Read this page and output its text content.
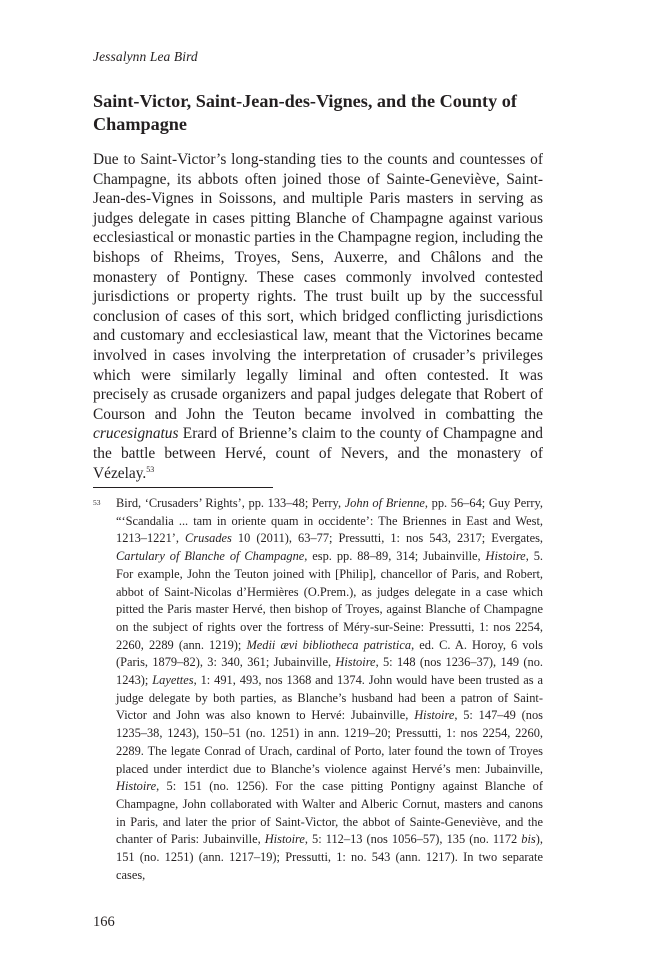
Jessalynn Lea Bird
Saint-Victor, Saint-Jean-des-Vignes, and the County of Champagne

Due to Saint-Victor’s long-standing ties to the counts and countesses of Champagne, its abbots often joined those of Sainte-Geneviève, Saint-Jean-des-Vignes in Soissons, and multiple Paris masters in serving as judges delegate in cases pitting Blanche of Champagne against various ecclesiastical or monastic parties in the Champagne region, including the bishops of Rheims, Troyes, Sens, Auxerre, and Châlons and the monastery of Pontigny. These cases commonly involved contested jurisdictions or property rights. The trust built up by the successful conclusion of cases of this sort, which bridged conflicting jurisdictions and customary and ecclesiastical law, meant that the Victorines became involved in cases involving the interpretation of crusader’s privileges which were similarly legally liminal and often contested. It was precisely as crusade organizers and papal judges delegate that Robert of Courson and John the Teuton became involved in combatting the crucesignatus Erard of Brienne’s claim to the county of Champagne and the battle between Hervé, count of Nevers, and the monastery of Vézelay.$^{53}$

53 Bird, ‘Crusaders’ Rights’, pp. 133–48; Perry, John of Brienne, pp. 56–64; Guy Perry, “‘Scandalia ... tam in oriente quam in occidente’: The Briennes in East and West, 1213–1221’, Crusades 10 (2011), 63–77; Pressutti, 1: nos 543, 2317; Evergates, Cartulary of Blanche of Champagne, esp. pp. 88–89, 314; Jubainville, Histoire, 5. For example, John the Teuton joined with [Philip], chancellor of Paris, and Robert, abbot of Saint-Nicolas d’Hermières (O.Prem.), as judges delegate in a case which pitted the Paris master Hervé, then bishop of Troyes, against Blanche of Champagne on the subject of rights over the fortress of Méry-sur-Seine: Pressutti, 1: nos 2254, 2260, 2289 (ann. 1219); Medii ævi bibliotheca patristica, ed. C. A. Horoy, 6 vols (Paris, 1879–82), 3: 340, 361; Jubainville, Histoire, 5: 148 (nos 1236–37), 149 (no. 1243); Layettes, 1: 491, 493, nos 1368 and 1374. John would have been trusted as a judge delegate by both parties, as Blanche’s husband had been a patron of Saint-Victor and John was also known to Hervé: Jubainville, Histoire, 5: 147–49 (nos 1235–38, 1243), 150–51 (no. 1251) in ann. 1219–20; Pressutti, 1: nos 2254, 2260, 2289. The legate Conrad of Urach, cardinal of Porto, later found the town of Troyes placed under interdict due to Blanche’s violence against Hervé’s men: Jubainville, Histoire, 5: 151 (no. 1256). For the case pitting Pontigny against Blanche of Champagne, John collaborated with Walter and Alberic Cornut, masters and canons in Paris, and later the prior of Saint-Victor, the abbot of Sainte-Geneviève, and the chanter of Paris: Jubainville, Histoire, 5: 112–13 (nos 1056–57), 135 (no. 1172 bis), 151 (no. 1251) (ann. 1217–19); Pressutti, 1: no. 543 (ann. 1217). In two separate cases,

166
